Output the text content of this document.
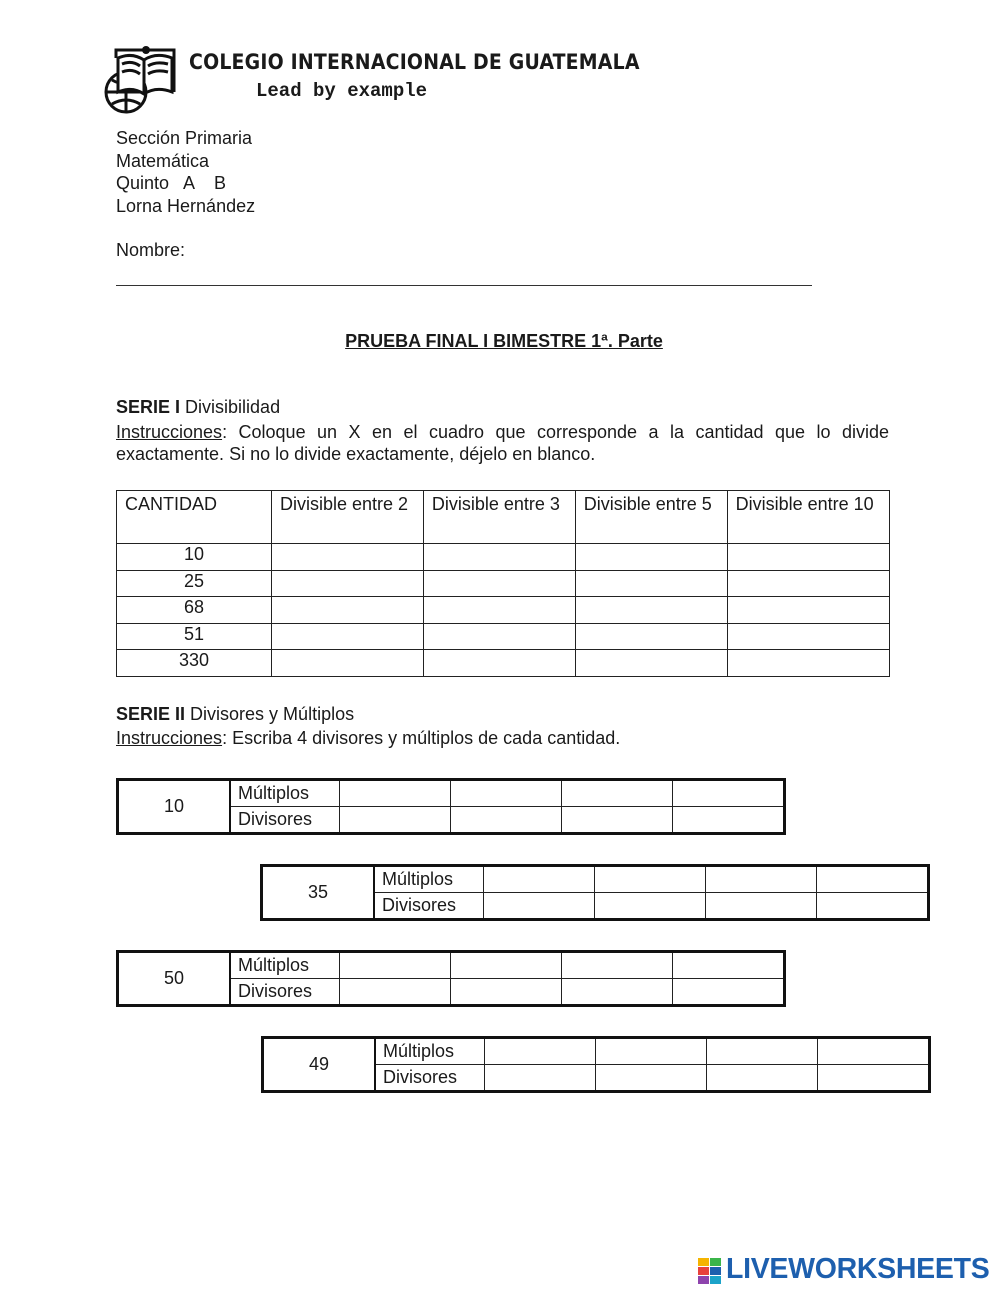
COLEGIO INTERNACIONAL DE GUATEMALA
Lead by example
Sección Primaria
Matemática
Quinto   A    B
Lorna Hernández
Nombre:
PRUEBA FINAL I BIMESTRE 1ª. Parte
SERIE I Divisibilidad
Instrucciones: Coloque un X en el cuadro que corresponde a la cantidad que lo divide exactamente. Si no lo divide exactamente, déjelo en blanco.
CANTIDAD	Divisible entre 2	Divisible entre 3	Divisible entre 5	Divisible entre 10
10				
25				
68				
51				
330				
SERIE II Divisores y Múltiplos
Instrucciones: Escriba 4 divisores y múltiplos de cada cantidad.
10	Múltiplos				
	Divisores				
35	Múltiplos				
	Divisores				
50	Múltiplos				
	Divisores				
49	Múltiplos				
	Divisores				
LIVEWORKSHEETS
